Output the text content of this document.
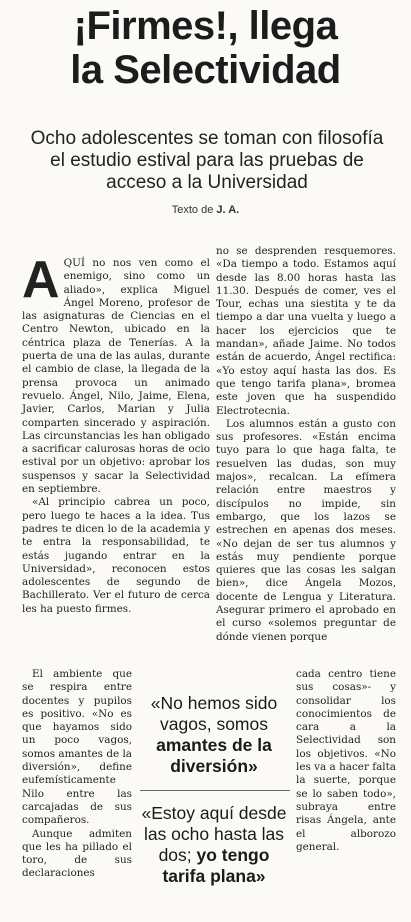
¡Firmes!, llega
la Selectividad

Ocho adolescentes se toman con filosofía el estudio estival para las pruebas de acceso a la Universidad

Texto de J. A.

AQUÍ no nos ven como el enemigo, sino como un aliado», explica Miguel Ángel Moreno, profesor de las asignaturas de Ciencias en el Centro Newton, ubicado en la céntrica plaza de Tenerías. A la puerta de una de las aulas, durante el cambio de clase, la llegada de la prensa provoca un animado revuelo. Ángel, Nilo, Jaime, Elena, Javier, Carlos, Marian y Julia comparten sincerado y aspiración. Las circunstancias les han obligado a sacrificar calurosas horas de ocio estival por un objetivo: aprobar los suspensos y sacar la Selectividad en septiembre.

«Al principio cabrea un poco, pero luego te haces a la idea. Tus padres te dicen lo de la academia y te entra la responsabilidad, te estás jugando entrar en la Universidad», reconocen estos adolescentes de segundo de Bachillerato. Ver el futuro de cerca les ha puesto firmes.

no se desprenden resquemores. «Da tiempo a todo. Estamos aquí desde las 8.00 horas hasta las 11.30. Después de comer, ves el Tour, echas una siestita y te da tiempo a dar una vuelta y luego a hacer los ejercicios que te mandan», añade Jaime. No todos están de acuerdo, Ángel rectifica: «Yo estoy aquí hasta las dos. Es que tengo tarifa plana», bromea este joven que ha suspendido Electrotecnia.

Los alumnos están a gusto con sus profesores. «Están encima tuyo para lo que haga falta, te resuelven las dudas, son muy majos», recalcan. La efímera relación entre maestros y discípulos no impide, sin embargo, que los lazos se estrechen en apenas dos meses. «No dejan de ser tus alumnos y estás muy pendiente porque quieres que las cosas les salgan bien», dice Ángela Mozos, docente de Lengua y Literatura. Asegurar primero el aprobado en el curso «solemos preguntar de dónde vienen porque

El ambiente que se respira entre docentes y pupilos es positivo. «No es que hayamos sido un poco vagos, somos amantes de la diversión», define eufemísticamente Nilo entre las carcajadas de sus compañeros.

Aunque admiten que les ha pillado el toro, de sus declaraciones

cada centro tiene sus cosas»- y consolidar los conocimientos de cara a la Selectividad son los objetivos. «No les va a hacer falta la suerte, porque se lo saben todo», subraya entre risas Ángela, ante el alborozo general.

«No hemos sido vagos, somos amantes de la diversión»
«Estoy aquí desde las ocho hasta las dos; yo tengo tarifa plana»
